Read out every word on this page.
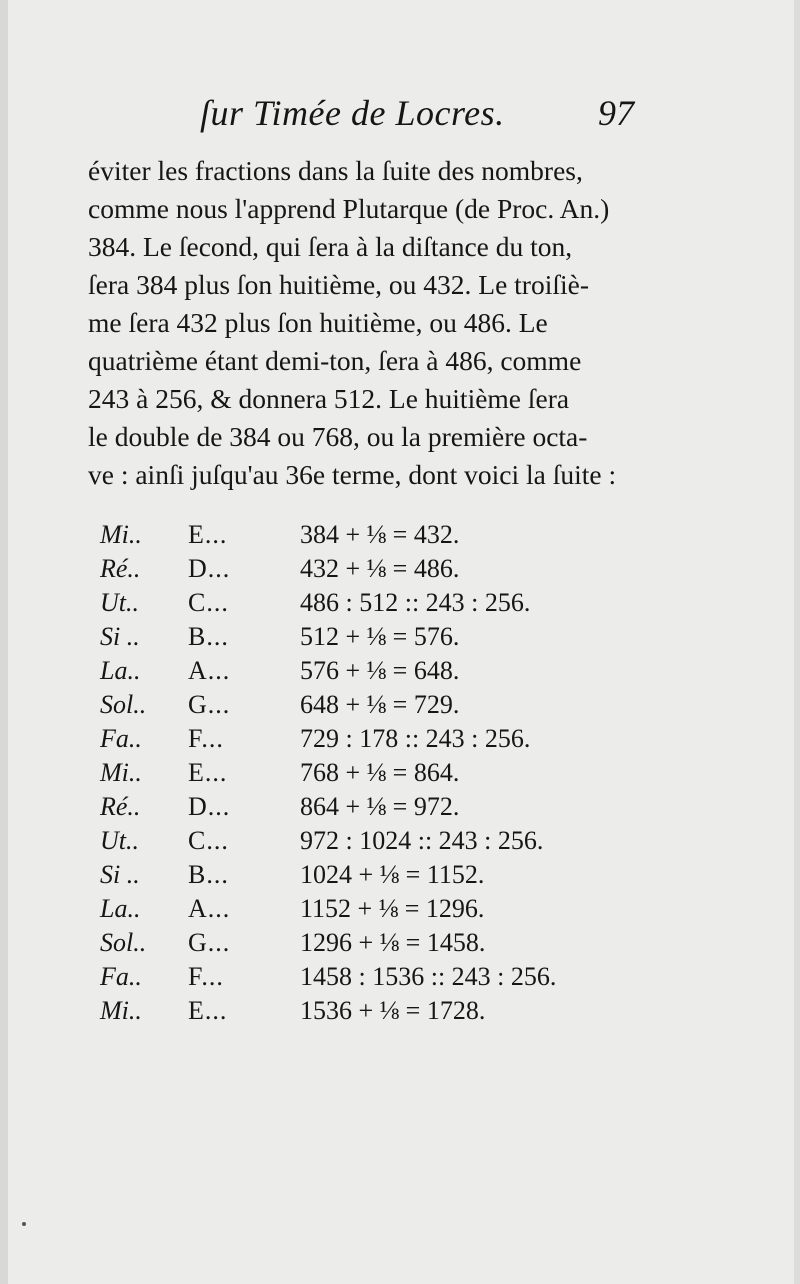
ſur Timée de Locres.	97
éviter les fractions dans la ſuite des nombres,
comme nous l'apprend Plutarque (de Proc. An.)
384. Le ſecond, qui ſera à la diſtance du ton,
ſera 384 plus ſon huitième, ou 432. Le troiſiè-
me ſera 432 plus ſon huitième, ou 486. Le
quatrième étant demi-ton, ſera à 486, comme
243 à 256, & donnera 512. Le huitième ſera
le double de 384 ou 768, ou la première octa-
ve : ainſi juſqu'au 36e terme, dont voici la ſuite :
Mi.. E...	384 + ⅛ = 432.
Ré.. D...	432 + ⅛ = 486.
Ut.. C...	486 : 512 :: 243 : 256.
Si .. B...	512 + ⅛ = 576.
La.. A...	576 + ⅛ = 648.
Sol.. G...	648 + ⅛ = 729.
Fa.. F...	729 : 178 :: 243 : 256.
Mi.. E...	768 + ⅛ = 864.
Ré.. D...	864 + ⅛ = 972.
Ut.. C...	972 : 1024 :: 243 : 256.
Si .. B...	1024 + ⅛ = 1152.
La.. A...	1152 + ⅛ = 1296.
Sol.. G...	1296 + ⅛ = 1458.
Fa.. F...	1458 : 1536 :: 243 : 256.
Mi.. E...	1536 + ⅛ = 1728.
